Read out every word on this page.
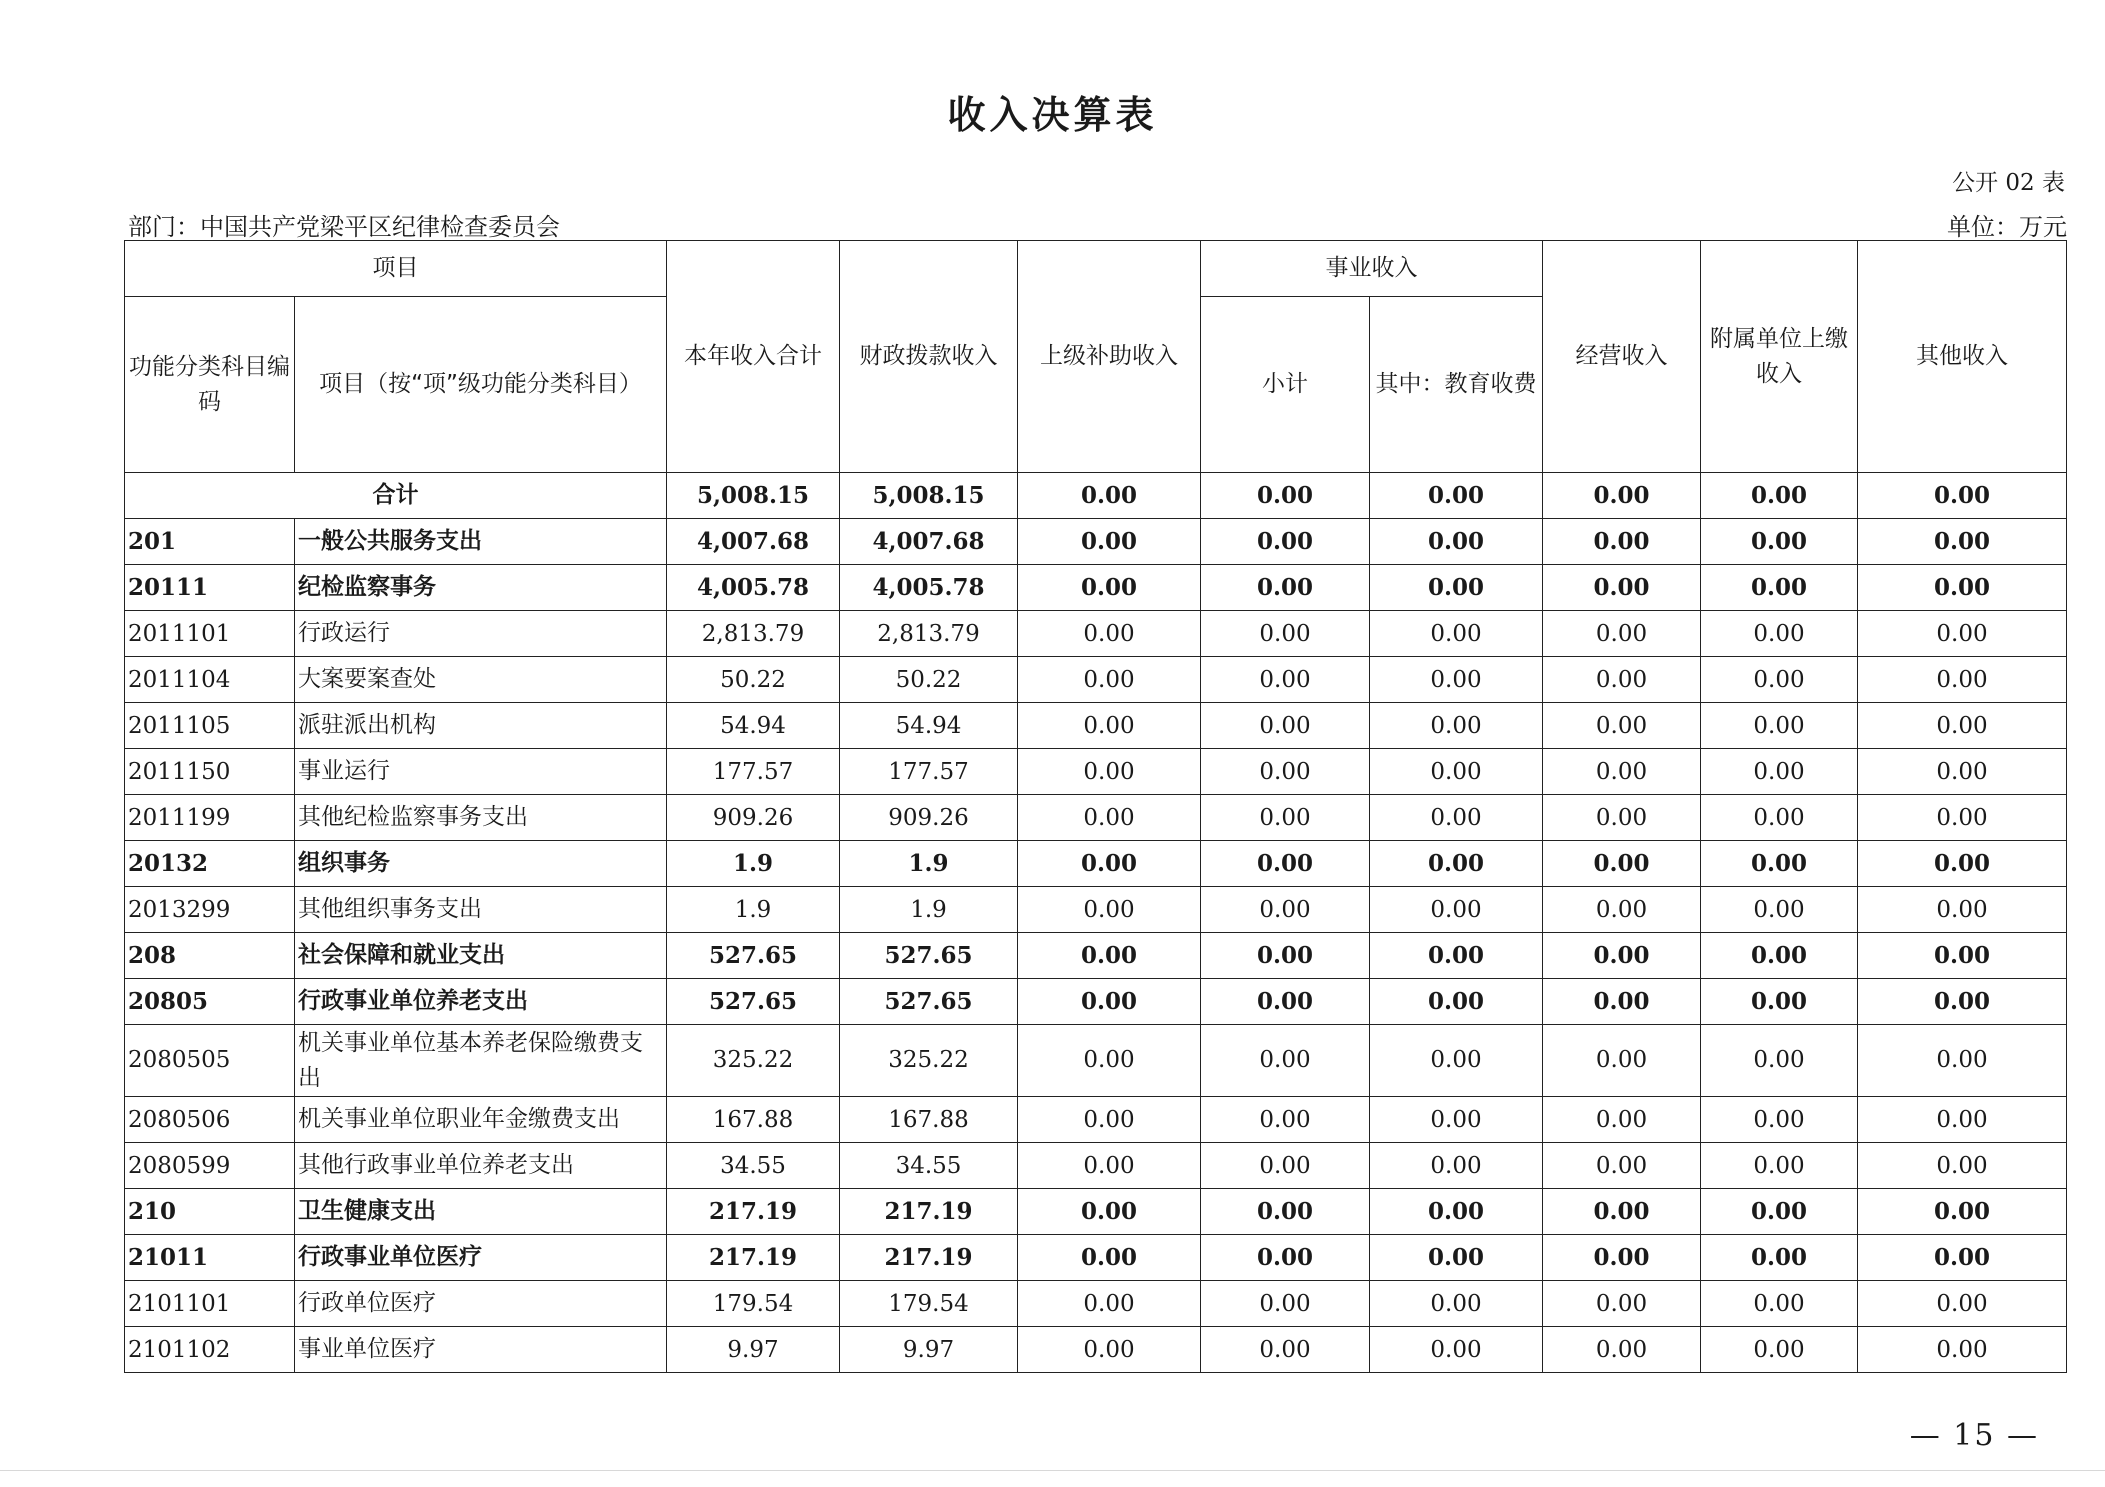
收入决算表
公开 02 表
部门：中国共产党梁平区纪律检查委员会	单位：万元
项目		本年收入合计	财政拨款收入	上级补助收入	事业收入		经营收入	附属单位上缴收入	其他收入
功能分类科目编码	项目（按“项”级功能分类科目）				小计	其中：教育收费			
合计		5,008.15	5,008.15	0.00	0.00	0.00	0.00	0.00	0.00
201	一般公共服务支出	4,007.68	4,007.68	0.00	0.00	0.00	0.00	0.00	0.00
20111	纪检监察事务	4,005.78	4,005.78	0.00	0.00	0.00	0.00	0.00	0.00
2011101	行政运行	2,813.79	2,813.79	0.00	0.00	0.00	0.00	0.00	0.00
2011104	大案要案查处	50.22	50.22	0.00	0.00	0.00	0.00	0.00	0.00
2011105	派驻派出机构	54.94	54.94	0.00	0.00	0.00	0.00	0.00	0.00
2011150	事业运行	177.57	177.57	0.00	0.00	0.00	0.00	0.00	0.00
2011199	其他纪检监察事务支出	909.26	909.26	0.00	0.00	0.00	0.00	0.00	0.00
20132	组织事务	1.9	1.9	0.00	0.00	0.00	0.00	0.00	0.00
2013299	其他组织事务支出	1.9	1.9	0.00	0.00	0.00	0.00	0.00	0.00
208	社会保障和就业支出	527.65	527.65	0.00	0.00	0.00	0.00	0.00	0.00
20805	行政事业单位养老支出	527.65	527.65	0.00	0.00	0.00	0.00	0.00	0.00
2080505	机关事业单位基本养老保险缴费支出	325.22	325.22	0.00	0.00	0.00	0.00	0.00	0.00
2080506	机关事业单位职业年金缴费支出	167.88	167.88	0.00	0.00	0.00	0.00	0.00	0.00
2080599	其他行政事业单位养老支出	34.55	34.55	0.00	0.00	0.00	0.00	0.00	0.00
210	卫生健康支出	217.19	217.19	0.00	0.00	0.00	0.00	0.00	0.00
21011	行政事业单位医疗	217.19	217.19	0.00	0.00	0.00	0.00	0.00	0.00
2101101	行政单位医疗	179.54	179.54	0.00	0.00	0.00	0.00	0.00	0.00
2101102	事业单位医疗	9.97	9.97	0.00	0.00	0.00	0.00	0.00	0.00
— 15 —
